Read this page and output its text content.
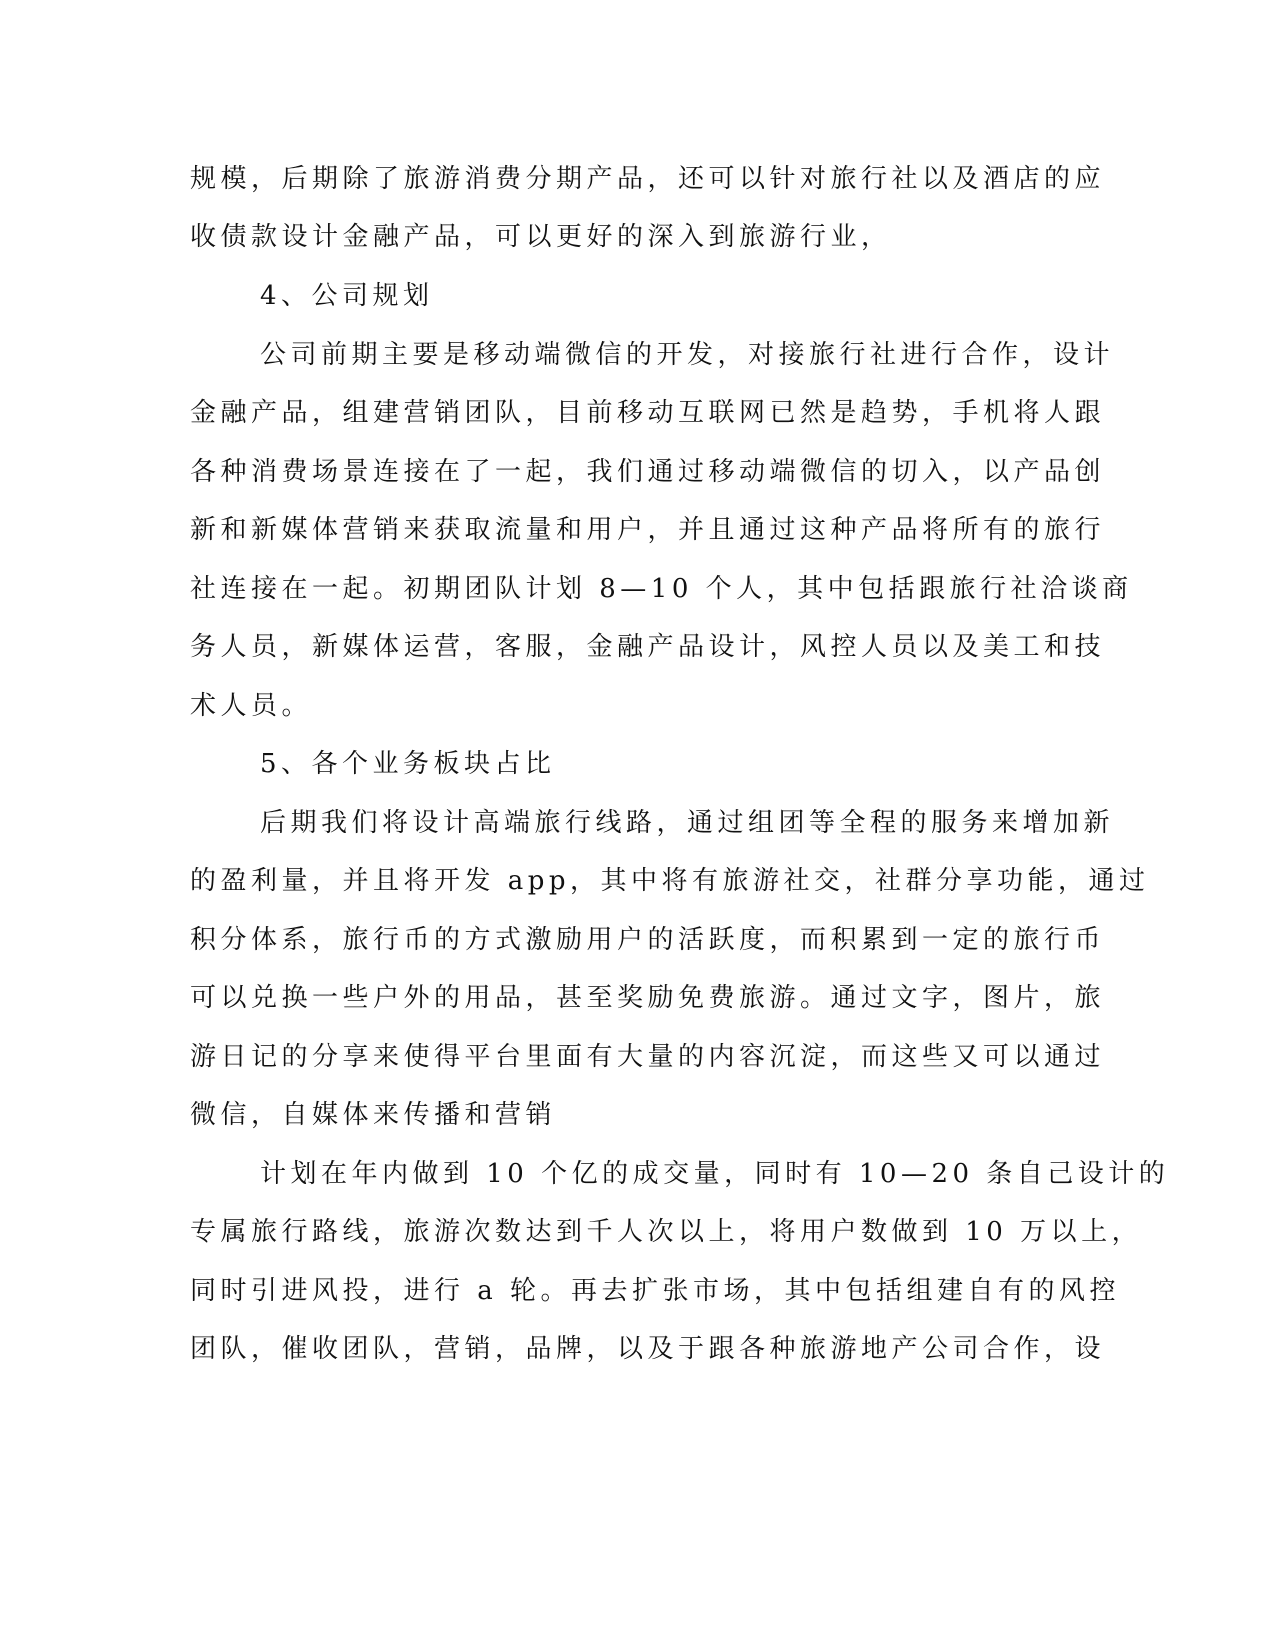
规模，后期除了旅游消费分期产品，还可以针对旅行社以及酒店的应
收债款设计金融产品，可以更好的深入到旅游行业，
4、公司规划
公司前期主要是移动端微信的开发，对接旅行社进行合作，设计
金融产品，组建营销团队，目前移动互联网已然是趋势，手机将人跟
各种消费场景连接在了一起，我们通过移动端微信的切入，以产品创
新和新媒体营销来获取流量和用户，并且通过这种产品将所有的旅行
社连接在一起。初期团队计划 8—10 个人，其中包括跟旅行社洽谈商
务人员，新媒体运营，客服，金融产品设计，风控人员以及美工和技
术人员。
5、各个业务板块占比
后期我们将设计高端旅行线路，通过组团等全程的服务来增加新
的盈利量，并且将开发 app，其中将有旅游社交，社群分享功能，通过
积分体系，旅行币的方式激励用户的活跃度，而积累到一定的旅行币
可以兑换一些户外的用品，甚至奖励免费旅游。通过文字，图片，旅
游日记的分享来使得平台里面有大量的内容沉淀，而这些又可以通过
微信，自媒体来传播和营销
计划在年内做到 10 个亿的成交量，同时有 10—20 条自己设计的
专属旅行路线，旅游次数达到千人次以上，将用户数做到 10 万以上，
同时引进风投，进行 a 轮。再去扩张市场，其中包括组建自有的风控
团队，催收团队，营销，品牌，以及于跟各种旅游地产公司合作，设
